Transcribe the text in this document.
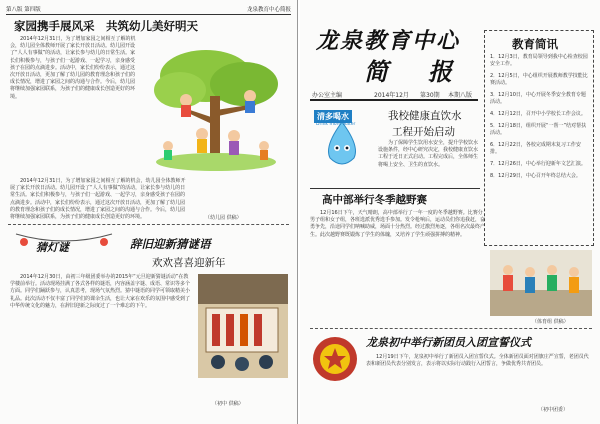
第八版 第四版	龙泉教育中心简报
家园携手展风采　共筑幼儿美好明天
2014年12月31日，为了增加家园之间相互了解的机会，幼儿园全体教师开展了家长开放日活动。幼儿园开设了“人人有事做”的活动，让家长参与幼儿的日常生活。家长们积极参与，与孩子们一起游戏、一起学习，亲身感受孩子在园的点滴进步。活动中，家长们纷纷表示，通过这次开放日活动，更加了解了幼儿园的教育理念和孩子们的成长情况，增进了家园之间的沟通与合作。今后，幼儿园将继续加强家园联系，为孩子们的健康成长创造更好的环境。
2014年12月31日，为了增加家园之间相互了解的机会，幼儿园全体教师开展了家长开放日活动。幼儿园开设了“人人有事做”的活动，让家长参与幼儿的日常生活。家长们积极参与，与孩子们一起游戏、一起学习，亲身感受孩子在园的点滴进步。活动中，家长们纷纷表示，通过这次开放日活动，更加了解了幼儿园的教育理念和孩子们的成长情况，增进了家园之间的沟通与合作。今后，幼儿园将继续加强家园联系，为孩子们的健康成长创造更好的环境。	（幼儿园 供稿）
猜灯谜	辞旧迎新猜谜语
欢欢喜喜迎新年
2014年12月30日，由初三年级团委举办的2015年“元旦迎新猜谜活动”在教学楼前举行。活动现场挂满了各式各样的谜语，内容涵盖字谜、成语、常识等多个方面。同学们踊跃参与，认真思考，现场气氛热烈。猜中谜语的同学可领取精美小礼品。此次活动不仅丰富了同学们的课余生活，也让大家在欢乐的氛围中感受到了中华传统文化的魅力，在辞旧迎新之际度过了一个难忘的下午。
（初中 供稿）
龙泉教育中心
简　报
办公室主编	2014年12月 第30期 本期八版
教育简讯
1．12月3日，教育局领导到我中心检查校园安全工作。
2．12月5日，中心组织开展教师教学技能比赛活动。
3．12月10日，中心开展冬季安全教育专题活动。
4．12月12日，召开中小学校长工作会议。
5．12月18日，组织开展“一帮一”结对帮扶活动。
6．12月22日，各校完成期末复习工作安排。
7．12月26日，中心举行迎新年文艺汇演。
8．12月29日，中心召开年终总结大会。
清多喝水
Drink more water
我校健康直饮水
工程开始启动
为了保障学生饮用水安全，提升学校饮水设施条件，经中心研究决定，我校健康直饮水工程于近日正式启动。工程完成后，全体师生将喝上安全、卫生的直饮水。
高中部举行冬季越野赛
12月16日下午，天气晴朗，高中部举行了一年一度的冬季越野赛。比赛分男子组和女子组，各班选派优秀选手参加。发令枪响后，运动员们你追我赶，奋勇争先，沿途同学们呐喊助威，场面十分热烈。经过激烈角逐，各组名次最终产生。此次越野赛既锻炼了学生的体魄，又培养了学生顽强拼搏的精神。
（体育组 供稿）
龙泉初中举行新团员入团宣誓仪式
12月19日下午，龙泉初中举行了新团员入团宣誓仪式。全体新团员面对团旗庄严宣誓，老团员代表和新团员代表分别发言，表示将以实际行动践行入团誓言，争做优秀共青团员。
（初中团委）
